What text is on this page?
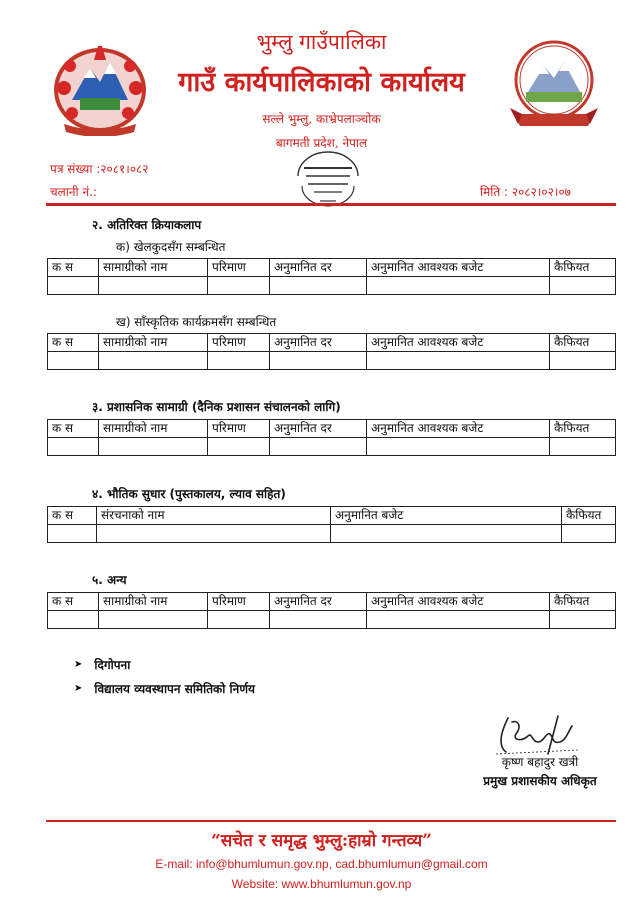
भुम्लु गाउँपालिका
गाउँ कार्यपालिकाको कार्यालय
सल्ले भुम्लु, काभ्रेपलाञ्चोक
बागमती प्रदेश, नेपाल
पत्र संख्या :२०८१।०८२
चलानी नं.:	मिति : २०८२।०२।०७
२. अतिरिक्त क्रियाकलाप
क) खेलकुदसँग सम्बन्धित
क स	सामाग्रीको नाम	परिमाण	अनुमानित दर	अनुमानित आवश्यक बजेट	कैफियत

ख) साँस्कृतिक कार्यक्रमसँग सम्बन्धित
क स	सामाग्रीको नाम	परिमाण	अनुमानित दर	अनुमानित आवश्यक बजेट	कैफियत

३. प्रशासनिक सामाग्री (दैनिक प्रशासन संचालनको लागि)
क स	सामाग्रीको नाम	परिमाण	अनुमानित दर	अनुमानित आवश्यक बजेट	कैफियत

४. भौतिक सुधार (पुस्तकालय, ल्याव सहित)
क स	संरचनाको नाम	अनुमानित बजेट	कैफियत

५. अन्य
क स	सामाग्रीको नाम	परिमाण	अनुमानित दर	अनुमानित आवश्यक बजेट	कैफियत

➤ दिगोपना
➤ विद्यालय व्यवस्थापन समितिको निर्णय
कृष्ण बहादुर खत्री
प्रमुख प्रशासकीय अधिकृत
“सचेत र समृद्ध भुम्लु:हाम्रो गन्तव्य”
E-mail: info@bhumlumun.gov.np, cad.bhumlumun@gmail.com
Website: www.bhumlumun.gov.np
